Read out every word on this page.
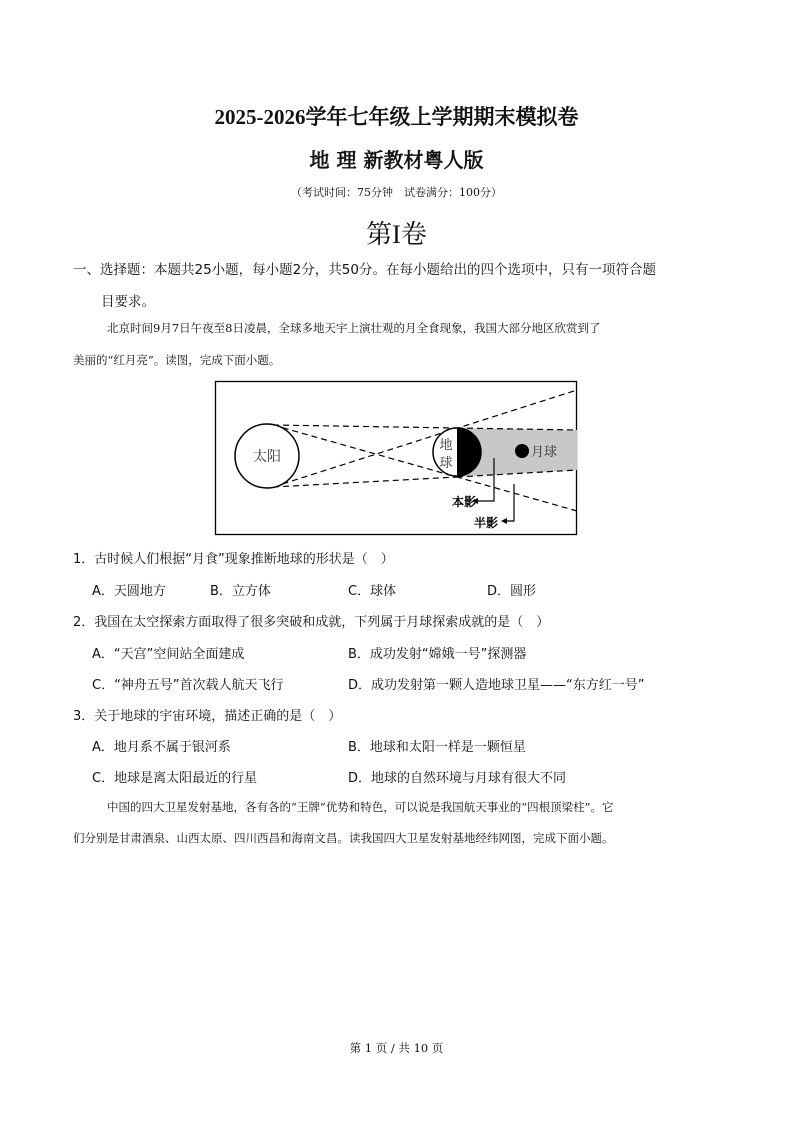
2025-2026学年七年级上学期期末模拟卷
地 理 新教材粤人版
（考试时间：75分钟　试卷满分：100分）
第I卷
一、选择题：本题共25小题，每小题2分，共50分。在每小题给出的四个选项中，只有一项符合题
目要求。
北京时间9月7日午夜至8日凌晨，全球多地天宇上演壮观的月全食现象，我国大部分地区欣赏到了
美丽的“红月亮”。读图，完成下面小题。
太阳
地
球
月球
本影
半影
1．古时候人们根据“月食”现象推断地球的形状是（　）
A．天圆地方	B．立方体	C．球体	D．圆形
2．我国在太空探索方面取得了很多突破和成就，下列属于月球探索成就的是（　）
A．“天宫”空间站全面建成	B．成功发射“嫦娥一号”探测器
C．“神舟五号”首次载人航天飞行	D．成功发射第一颗人造地球卫星——“东方红一号”
3．关于地球的宇宙环境，描述正确的是（　）
A．地月系不属于银河系	B．地球和太阳一样是一颗恒星
C．地球是离太阳最近的行星	D．地球的自然环境与月球有很大不同
中国的四大卫星发射基地，各有各的“王牌”优势和特色，可以说是我国航天事业的“四根顶梁柱”。它
们分别是甘肃酒泉、山西太原、四川西昌和海南文昌。读我国四大卫星发射基地经纬网图，完成下面小题。
第 1 页 / 共 10 页
